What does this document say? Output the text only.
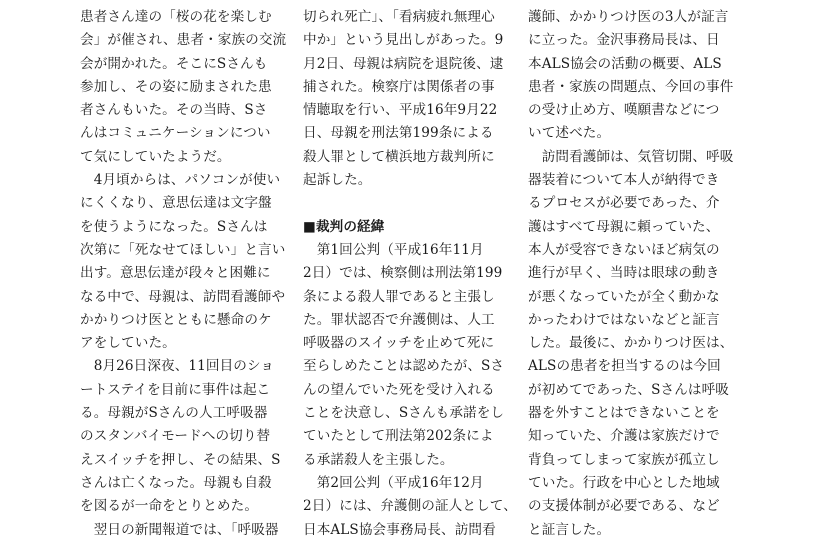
患者さん達の「桜の花を楽しむ
会」が催され、患者・家族の交流
会が開かれた。そこにSさんも
参加し、その姿に励まされた患
者さんもいた。その当時、Sさ
んはコミュニケーションについ
て気にしていたようだ。
　4月頃からは、パソコンが使い
にくくなり、意思伝達は文字盤
を使うようになった。Sさんは
次第に「死なせてほしい」と言い
出す。意思伝達が段々と困難に
なる中で、母親は、訪問看護師や
かかりつけ医とともに懸命のケ
アをしていた。
　8月26日深夜、11回目のショ
ートステイを目前に事件は起こ
る。母親がSさんの人工呼吸器
のスタンバイモードへの切り替
えスイッチを押し、その結果、S
さんは亡くなった。母親も自殺
を図るが一命をとりとめた。
　翌日の新聞報道では、「呼吸器
切られ死亡」、「看病疲れ無理心
中か」という見出しがあった。9
月2日、母親は病院を退院後、逮
捕された。検察庁は関係者の事
情聴取を行い、平成16年9月22
日、母親を刑法第199条による
殺人罪として横浜地方裁判所に
起訴した。
■裁判の経緯
　第1回公判（平成16年11月
2日）では、検察側は刑法第199
条による殺人罪であると主張し
た。罪状認否で弁護側は、人工
呼吸器のスイッチを止めて死に
至らしめたことは認めたが、Sさ
んの望んでいた死を受け入れる
ことを決意し、Sさんも承諾をし
ていたとして刑法第202条によ
る承諾殺人を主張した。
　第2回公判（平成16年12月
2日）には、弁護側の証人として、
日本ALS協会事務局長、訪問看
護師、かかりつけ医の3人が証言
に立った。金沢事務局長は、日
本ALS協会の活動の概要、ALS
患者・家族の問題点、今回の事件
の受け止め方、嘆願書などにつ
いて述べた。
　訪問看護師は、気管切開、呼吸
器装着について本人が納得でき
るプロセスが必要であった、介
護はすべて母親に頼っていた、
本人が受容できないほど病気の
進行が早く、当時は眼球の動き
が悪くなっていたが全く動かな
かったわけではないなどと証言
した。最後に、かかりつけ医は、
ALSの患者を担当するのは今回
が初めてであった、Sさんは呼吸
器を外すことはできないことを
知っていた、介護は家族だけで
背負ってしまって家族が孤立し
ていた。行政を中心とした地域
の支援体制が必要である、など
と証言した。
